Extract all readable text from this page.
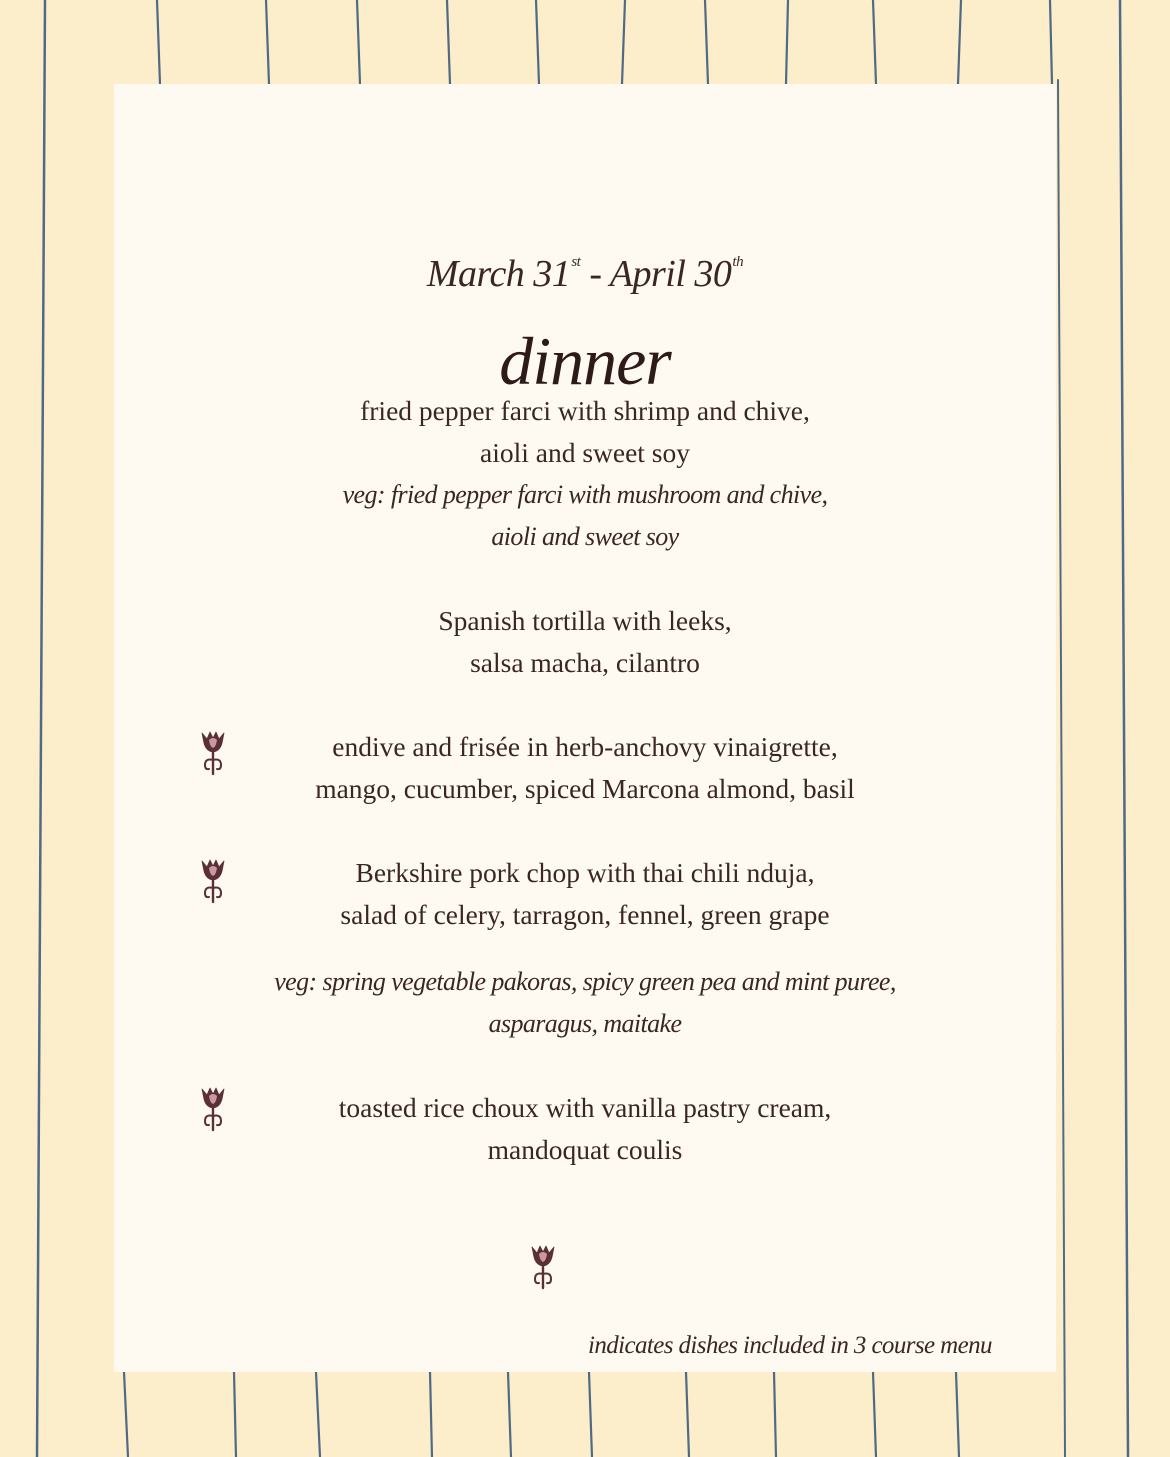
March 31st - April 30th
dinner
fried pepper farci with shrimp and chive,
aioli and sweet soy
veg: fried pepper farci with mushroom and chive,
aioli and sweet soy
Spanish tortilla with leeks,
salsa macha, cilantro
endive and frisée in herb-anchovy vinaigrette,
mango, cucumber, spiced Marcona almond, basil
Berkshire pork chop with thai chili nduja,
salad of celery, tarragon, fennel, green grape
veg: spring vegetable pakoras, spicy green pea and mint puree,
asparagus, maitake
toasted rice choux with vanilla pastry cream,
mandoquat coulis
indicates dishes included in 3 course menu
